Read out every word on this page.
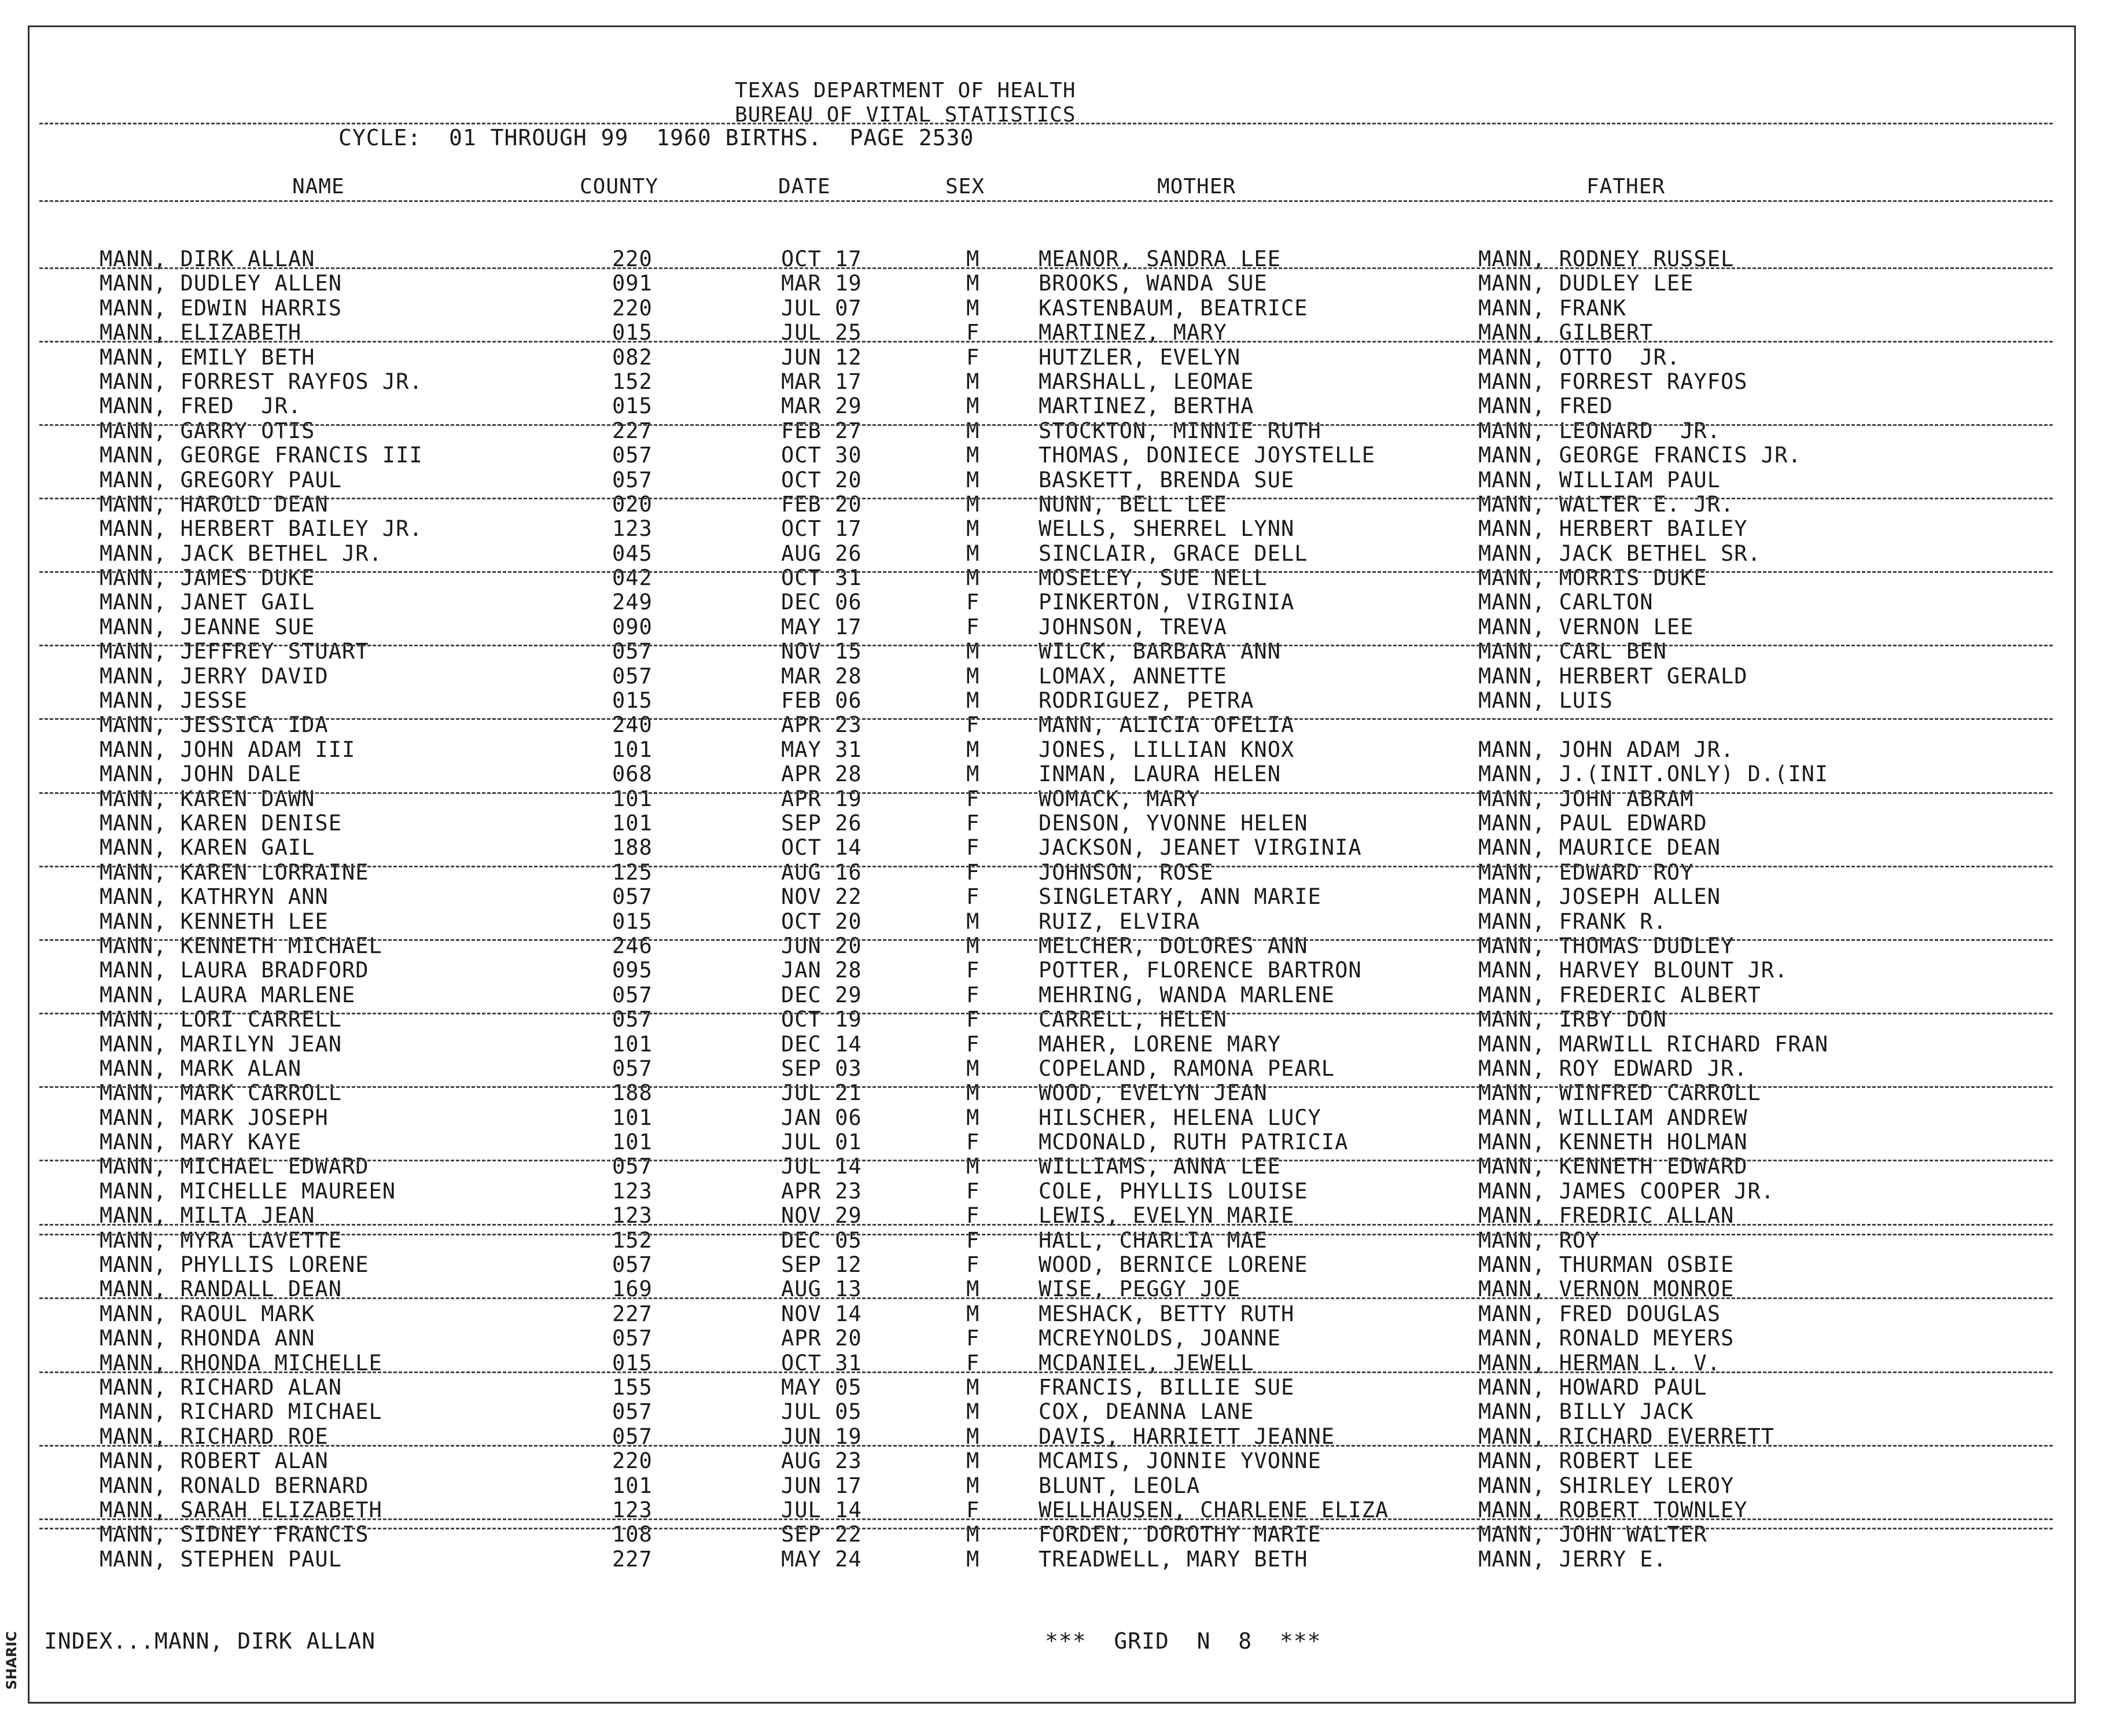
SHARIC
TEXAS DEPARTMENT OF HEALTH
BUREAU OF VITAL STATISTICS
CYCLE:  01 THROUGH 99  1960 BIRTHS.  PAGE 2530
NAME	COUNTY	DATE	SEX	MOTHER	FATHER
MANN, DIRK ALLAN	220	OCT 17	M	MEANOR, SANDRA LEE	MANN, RODNEY RUSSEL
MANN, DUDLEY ALLEN	091	MAR 19	M	BROOKS, WANDA SUE	MANN, DUDLEY LEE
MANN, EDWIN HARRIS	220	JUL 07	M	KASTENBAUM, BEATRICE	MANN, FRANK
MANN, ELIZABETH	015	JUL 25	F	MARTINEZ, MARY	MANN, GILBERT
MANN, EMILY BETH	082	JUN 12	F	HUTZLER, EVELYN	MANN, OTTO  JR.
MANN, FORREST RAYFOS JR.	152	MAR 17	M	MARSHALL, LEOMAE	MANN, FORREST RAYFOS
MANN, FRED  JR.	015	MAR 29	M	MARTINEZ, BERTHA	MANN, FRED
MANN, GARRY OTIS	227	FEB 27	M	STOCKTON, MINNIE RUTH	MANN, LEONARD  JR.
MANN, GEORGE FRANCIS III	057	OCT 30	M	THOMAS, DONIECE JOYSTELLE	MANN, GEORGE FRANCIS JR.
MANN, GREGORY PAUL	057	OCT 20	M	BASKETT, BRENDA SUE	MANN, WILLIAM PAUL
MANN, HAROLD DEAN	020	FEB 20	M	NUNN, BELL LEE	MANN, WALTER E. JR.
MANN, HERBERT BAILEY JR.	123	OCT 17	M	WELLS, SHERREL LYNN	MANN, HERBERT BAILEY
MANN, JACK BETHEL JR.	045	AUG 26	M	SINCLAIR, GRACE DELL	MANN, JACK BETHEL SR.
MANN, JAMES DUKE	042	OCT 31	M	MOSELEY, SUE NELL	MANN, MORRIS DUKE
MANN, JANET GAIL	249	DEC 06	F	PINKERTON, VIRGINIA	MANN, CARLTON
MANN, JEANNE SUE	090	MAY 17	F	JOHNSON, TREVA	MANN, VERNON LEE
MANN, JEFFREY STUART	057	NOV 15	M	WILCK, BARBARA ANN	MANN, CARL BEN
MANN, JERRY DAVID	057	MAR 28	M	LOMAX, ANNETTE	MANN, HERBERT GERALD
MANN, JESSE	015	FEB 06	M	RODRIGUEZ, PETRA	MANN, LUIS
MANN, JESSICA IDA	240	APR 23	F	MANN, ALICIA OFELIA
MANN, JOHN ADAM III	101	MAY 31	M	JONES, LILLIAN KNOX	MANN, JOHN ADAM JR.
MANN, JOHN DALE	068	APR 28	M	INMAN, LAURA HELEN	MANN, J.(INIT.ONLY) D.(INI
MANN, KAREN DAWN	101	APR 19	F	WOMACK, MARY	MANN, JOHN ABRAM
MANN, KAREN DENISE	101	SEP 26	F	DENSON, YVONNE HELEN	MANN, PAUL EDWARD
MANN, KAREN GAIL	188	OCT 14	F	JACKSON, JEANET VIRGINIA	MANN, MAURICE DEAN
MANN, KAREN LORRAINE	125	AUG 16	F	JOHNSON, ROSE	MANN, EDWARD ROY
MANN, KATHRYN ANN	057	NOV 22	F	SINGLETARY, ANN MARIE	MANN, JOSEPH ALLEN
MANN, KENNETH LEE	015	OCT 20	M	RUIZ, ELVIRA	MANN, FRANK R.
MANN, KENNETH MICHAEL	246	JUN 20	M	MELCHER, DOLORES ANN	MANN, THOMAS DUDLEY
MANN, LAURA BRADFORD	095	JAN 28	F	POTTER, FLORENCE BARTRON	MANN, HARVEY BLOUNT JR.
MANN, LAURA MARLENE	057	DEC 29	F	MEHRING, WANDA MARLENE	MANN, FREDERIC ALBERT
MANN, LORI CARRELL	057	OCT 19	F	CARRELL, HELEN	MANN, IRBY DON
MANN, MARILYN JEAN	101	DEC 14	F	MAHER, LORENE MARY	MANN, MARWILL RICHARD FRAN
MANN, MARK ALAN	057	SEP 03	M	COPELAND, RAMONA PEARL	MANN, ROY EDWARD JR.
MANN, MARK CARROLL	188	JUL 21	M	WOOD, EVELYN JEAN	MANN, WINFRED CARROLL
MANN, MARK JOSEPH	101	JAN 06	M	HILSCHER, HELENA LUCY	MANN, WILLIAM ANDREW
MANN, MARY KAYE	101	JUL 01	F	MCDONALD, RUTH PATRICIA	MANN, KENNETH HOLMAN
MANN, MICHAEL EDWARD	057	JUL 14	M	WILLIAMS, ANNA LEE	MANN, KENNETH EDWARD
MANN, MICHELLE MAUREEN	123	APR 23	F	COLE, PHYLLIS LOUISE	MANN, JAMES COOPER JR.
MANN, MILTA JEAN	123	NOV 29	F	LEWIS, EVELYN MARIE	MANN, FREDRIC ALLAN
MANN, MYRA LAVETTE	152	DEC 05	F	HALL, CHARLIA MAE	MANN, ROY
MANN, PHYLLIS LORENE	057	SEP 12	F	WOOD, BERNICE LORENE	MANN, THURMAN OSBIE
MANN, RANDALL DEAN	169	AUG 13	M	WISE, PEGGY JOE	MANN, VERNON MONROE
MANN, RAOUL MARK	227	NOV 14	M	MESHACK, BETTY RUTH	MANN, FRED DOUGLAS
MANN, RHONDA ANN	057	APR 20	F	MCREYNOLDS, JOANNE	MANN, RONALD MEYERS
MANN, RHONDA MICHELLE	015	OCT 31	F	MCDANIEL, JEWELL	MANN, HERMAN L. V.
MANN, RICHARD ALAN	155	MAY 05	M	FRANCIS, BILLIE SUE	MANN, HOWARD PAUL
MANN, RICHARD MICHAEL	057	JUL 05	M	COX, DEANNA LANE	MANN, BILLY JACK
MANN, RICHARD ROE	057	JUN 19	M	DAVIS, HARRIETT JEANNE	MANN, RICHARD EVERRETT
MANN, ROBERT ALAN	220	AUG 23	M	MCAMIS, JONNIE YVONNE	MANN, ROBERT LEE
MANN, RONALD BERNARD	101	JUN 17	M	BLUNT, LEOLA	MANN, SHIRLEY LEROY
MANN, SARAH ELIZABETH	123	JUL 14	F	WELLHAUSEN, CHARLENE ELIZA	MANN, ROBERT TOWNLEY
MANN, SIDNEY FRANCIS	108	SEP 22	M	FORDEN, DOROTHY MARIE	MANN, JOHN WALTER
MANN, STEPHEN PAUL	227	MAY 24	M	TREADWELL, MARY BETH	MANN, JERRY E.
INDEX...MANN, DIRK ALLAN	***  GRID  N  8  ***
